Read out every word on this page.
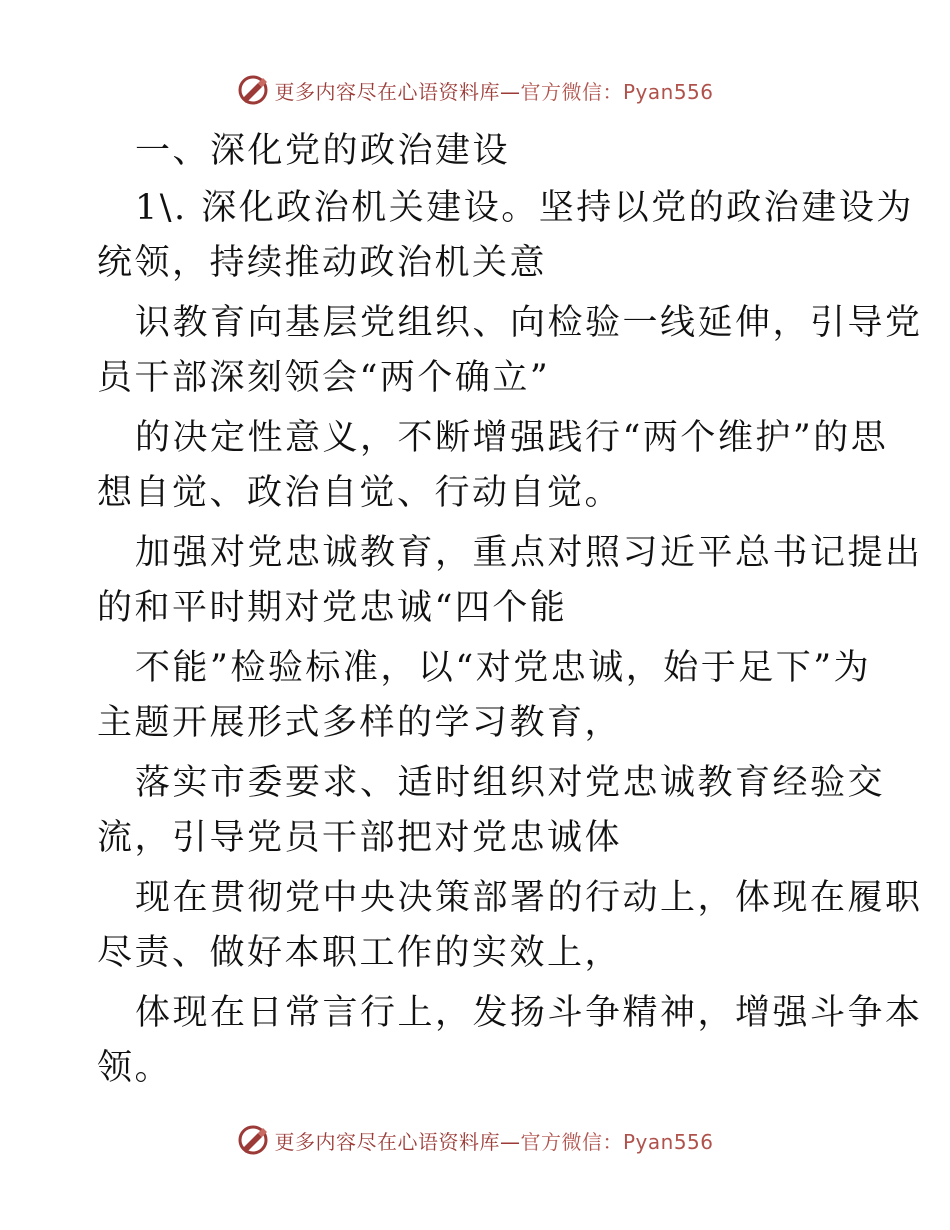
更多内容尽在心语资料库—官方微信：Pyan556
一、深化党的政治建设
1\. 深化政治机关建设。坚持以党的政治建设为
统领，持续推动政治机关意
识教育向基层党组织、向检验一线延伸，引导党
员干部深刻领会“两个确立”
的决定性意义，不断增强践行“两个维护”的思
想自觉、政治自觉、行动自觉。
加强对党忠诚教育，重点对照习近平总书记提出
的和平时期对党忠诚“四个能
不能”检验标准，以“对党忠诚，始于足下”为
主题开展形式多样的学习教育，
落实市委要求、适时组织对党忠诚教育经验交
流，引导党员干部把对党忠诚体
现在贯彻党中央决策部署的行动上，体现在履职
尽责、做好本职工作的实效上，
体现在日常言行上，发扬斗争精神，增强斗争本
领。
更多内容尽在心语资料库—官方微信：Pyan556
